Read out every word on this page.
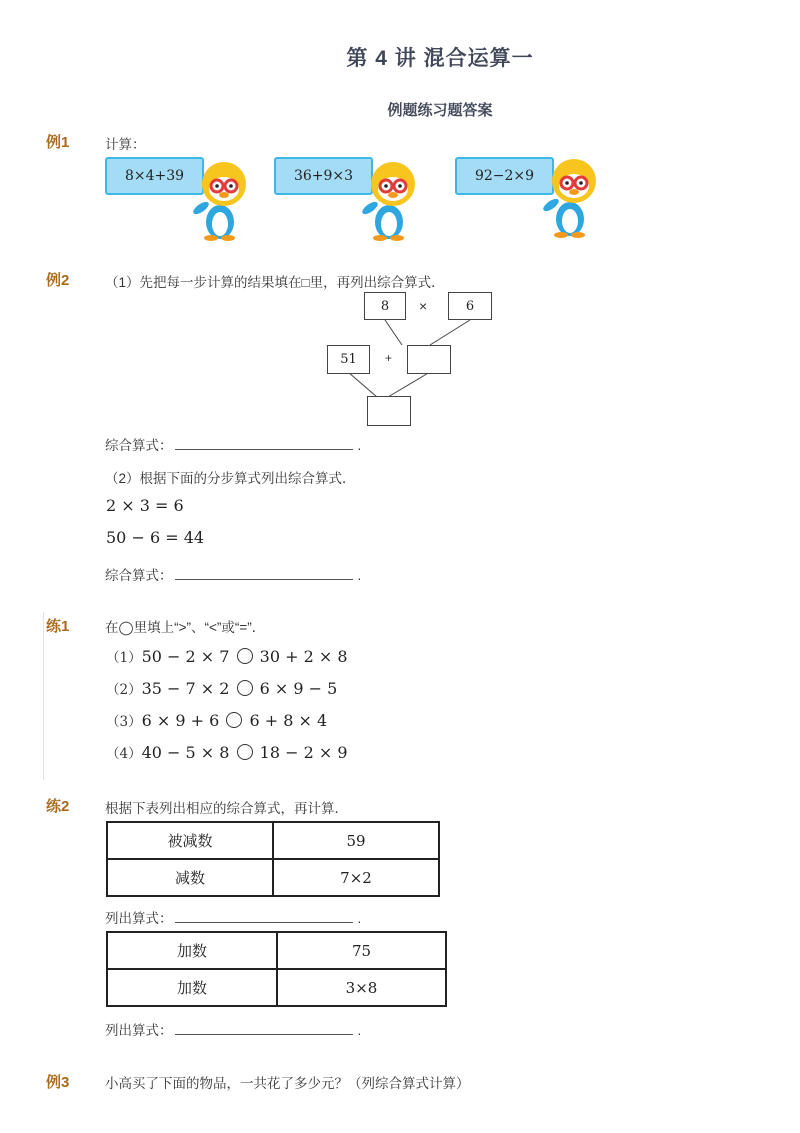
第 4 讲 混合运算一
例题练习题答案
例1	计算：
8×4+39	36+9×3	92−2×9
例2	（1）先把每一步计算的结果填在□里，再列出综合算式．
8	×	6
51	+
综合算式：	.
（2）根据下面的分步算式列出综合算式．
2 × 3 = 6
50 − 6 = 44
综合算式：	.
练1	在◯里填上“>”、“<”或“=”．
（1）50 − 2 × 7 30 + 2 × 8
（2）35 − 7 × 2 6 × 9 − 5
（3）6 × 9 + 6 6 + 8 × 4
（4）40 − 5 × 8 18 − 2 × 9
练2	根据下表列出相应的综合算式，再计算．
被减数	59
减数	7×2
列出算式：	.
加数	75
加数	3×8
列出算式：	.
例3	小高买了下面的物品，一共花了多少元？（列综合算式计算）
